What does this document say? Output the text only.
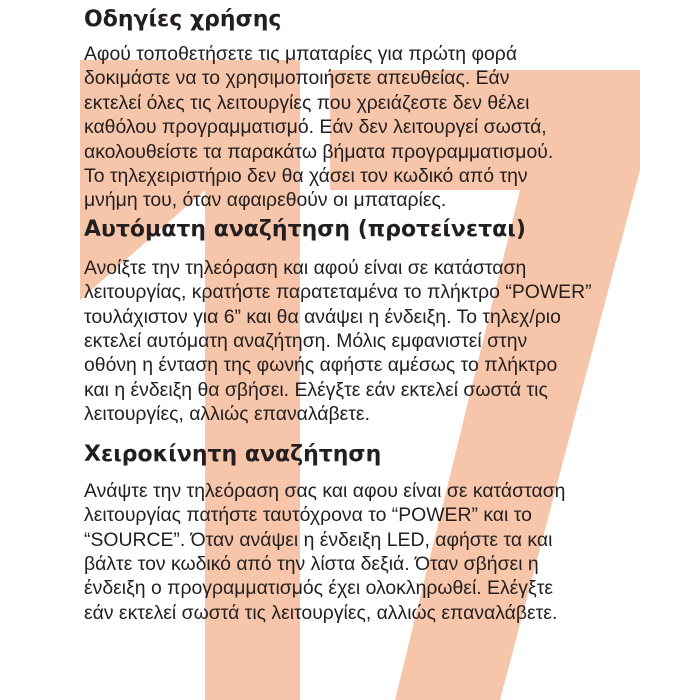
Οδηγίες χρήσης

Αφού τοποθετήσετε τις μπαταρίες για πρώτη φορά
δοκιμάστε να το χρησιμοποιήσετε απευθείας. Εάν
εκτελεί όλες τις λειτουργίες που χρειάζεστε δεν θέλει
καθόλου προγραμματισμό. Εάν δεν λειτουργεί σωστά,
ακολουθείστε τα παρακάτω βήματα προγραμματισμού.
Το τηλεχειριστήριο δεν θα χάσει τον κωδικό από την
μνήμη του, όταν αφαιρεθούν οι μπαταρίες.

Αυτόματη αναζήτηση (προτείνεται)

Ανοίξτε την τηλεόραση και αφού είναι σε κατάσταση
λειτουργίας, κρατήστε παρατεταμένα το πλήκτρο “POWER”
τουλάχιστον για 6” και θα ανάψει η ένδειξη. Το τηλεχ/ριο
εκτελεί αυτόματη αναζήτηση. Μόλις εμφανιστεί στην
οθόνη η ένταση της φωνής αφήστε αμέσως το πλήκτρο
και η ένδειξη θα σβήσει. Ελέγξτε εάν εκτελεί σωστά τις
λειτουργίες, αλλιώς επαναλάβετε.

Χειροκίνητη αναζήτηση

Ανάψτε την τηλεόραση σας και αφου είναι σε κατάσταση
λειτουργίας πατήστε ταυτόχρονα το “POWER” και το
“SOURCE”. Όταν ανάψει η ένδειξη LED, αφήστε τα και
βάλτε τον κωδικό από την λίστα δεξιά. Όταν σβήσει η
ένδειξη ο προγραμματισμός έχει ολοκληρωθεί. Ελέγξτε
εάν εκτελεί σωστά τις λειτουργίες, αλλιώς επαναλάβετε.
